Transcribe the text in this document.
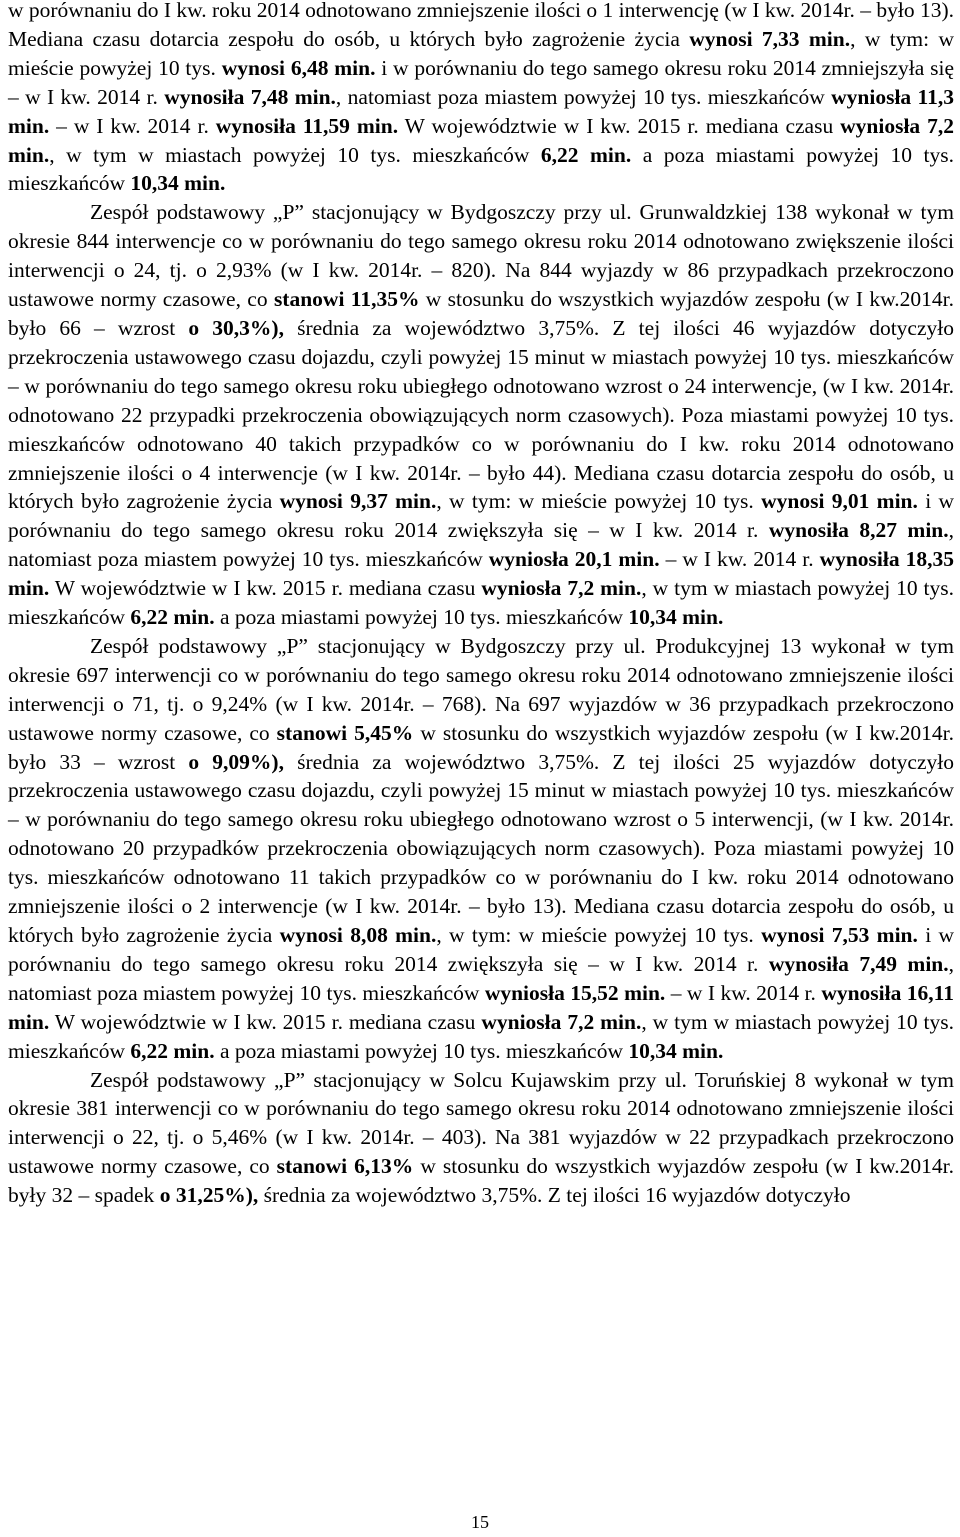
w porównaniu do I kw. roku 2014 odnotowano zmniejszenie ilości o 1 interwencję (w I kw. 2014r. – było 13). Mediana czasu dotarcia zespołu do osób, u których było zagrożenie życia wynosi 7,33 min., w tym: w mieście powyżej 10 tys. wynosi 6,48 min. i w porównaniu do tego samego okresu roku 2014 zmniejszyła się – w I kw. 2014 r. wynosiła 7,48 min., natomiast poza miastem powyżej 10 tys. mieszkańców wyniosła 11,3 min. – w I kw. 2014 r. wynosiła 11,59 min. W województwie w I kw. 2015 r. mediana czasu wyniosła 7,2 min., w tym w miastach powyżej 10 tys. mieszkańców 6,22 min. a poza miastami powyżej 10 tys. mieszkańców 10,34 min.

Zespół podstawowy „P” stacjonujący w Bydgoszczy przy ul. Grunwaldzkiej 138 wykonał w tym okresie 844 interwencje co w porównaniu do tego samego okresu roku 2014 odnotowano zwiększenie ilości interwencji o 24, tj. o 2,93% (w I kw. 2014r. – 820). Na 844 wyjazdy w 86 przypadkach przekroczono ustawowe normy czasowe, co stanowi 11,35% w stosunku do wszystkich wyjazdów zespołu (w I kw.2014r. było 66 – wzrost o 30,3%), średnia za województwo 3,75%. Z tej ilości 46 wyjazdów dotyczyło przekroczenia ustawowego czasu dojazdu, czyli powyżej 15 minut w miastach powyżej 10 tys. mieszkańców – w porównaniu do tego samego okresu roku ubiegłego odnotowano wzrost o 24 interwencje, (w I kw. 2014r. odnotowano 22 przypadki przekroczenia obowiązujących norm czasowych). Poza miastami powyżej 10 tys. mieszkańców odnotowano 40 takich przypadków co w porównaniu do I kw. roku 2014 odnotowano zmniejszenie ilości o 4 interwencje (w I kw. 2014r. – było 44). Mediana czasu dotarcia zespołu do osób, u których było zagrożenie życia wynosi 9,37 min., w tym: w mieście powyżej 10 tys. wynosi 9,01 min. i w porównaniu do tego samego okresu roku 2014 zwiększyła się – w I kw. 2014 r. wynosiła 8,27 min., natomiast poza miastem powyżej 10 tys. mieszkańców wyniosła 20,1 min. – w I kw. 2014 r. wynosiła 18,35 min. W województwie w I kw. 2015 r. mediana czasu wyniosła 7,2 min., w tym w miastach powyżej 10 tys. mieszkańców 6,22 min. a poza miastami powyżej 10 tys. mieszkańców 10,34 min.

Zespół podstawowy „P” stacjonujący w Bydgoszczy przy ul. Produkcyjnej 13 wykonał w tym okresie 697 interwencji co w porównaniu do tego samego okresu roku 2014 odnotowano zmniejszenie ilości interwencji o 71, tj. o 9,24% (w I kw. 2014r. – 768). Na 697 wyjazdów w 36 przypadkach przekroczono ustawowe normy czasowe, co stanowi 5,45% w stosunku do wszystkich wyjazdów zespołu (w I kw.2014r. było 33 – wzrost o 9,09%), średnia za województwo 3,75%. Z tej ilości 25 wyjazdów dotyczyło przekroczenia ustawowego czasu dojazdu, czyli powyżej 15 minut w miastach powyżej 10 tys. mieszkańców – w porównaniu do tego samego okresu roku ubiegłego odnotowano wzrost o 5 interwencji, (w I kw. 2014r. odnotowano 20 przypadków przekroczenia obowiązujących norm czasowych). Poza miastami powyżej 10 tys. mieszkańców odnotowano 11 takich przypadków co w porównaniu do I kw. roku 2014 odnotowano zmniejszenie ilości o 2 interwencje (w I kw. 2014r. – było 13). Mediana czasu dotarcia zespołu do osób, u których było zagrożenie życia wynosi 8,08 min., w tym: w mieście powyżej 10 tys. wynosi 7,53 min. i w porównaniu do tego samego okresu roku 2014 zwiększyła się – w I kw. 2014 r. wynosiła 7,49 min., natomiast poza miastem powyżej 10 tys. mieszkańców wyniosła 15,52 min. – w I kw. 2014 r. wynosiła 16,11 min. W województwie w I kw. 2015 r. mediana czasu wyniosła 7,2 min., w tym w miastach powyżej 10 tys. mieszkańców 6,22 min. a poza miastami powyżej 10 tys. mieszkańców 10,34 min.

Zespół podstawowy „P” stacjonujący w Solcu Kujawskim przy ul. Toruńskiej 8 wykonał w tym okresie 381 interwencji co w porównaniu do tego samego okresu roku 2014 odnotowano zmniejszenie ilości interwencji o 22, tj. o 5,46% (w I kw. 2014r. – 403). Na 381 wyjazdów w 22 przypadkach przekroczono ustawowe normy czasowe, co stanowi 6,13% w stosunku do wszystkich wyjazdów zespołu (w I kw.2014r. były 32 – spadek o 31,25%), średnia za województwo 3,75%. Z tej ilości 16 wyjazdów dotyczyło

15
